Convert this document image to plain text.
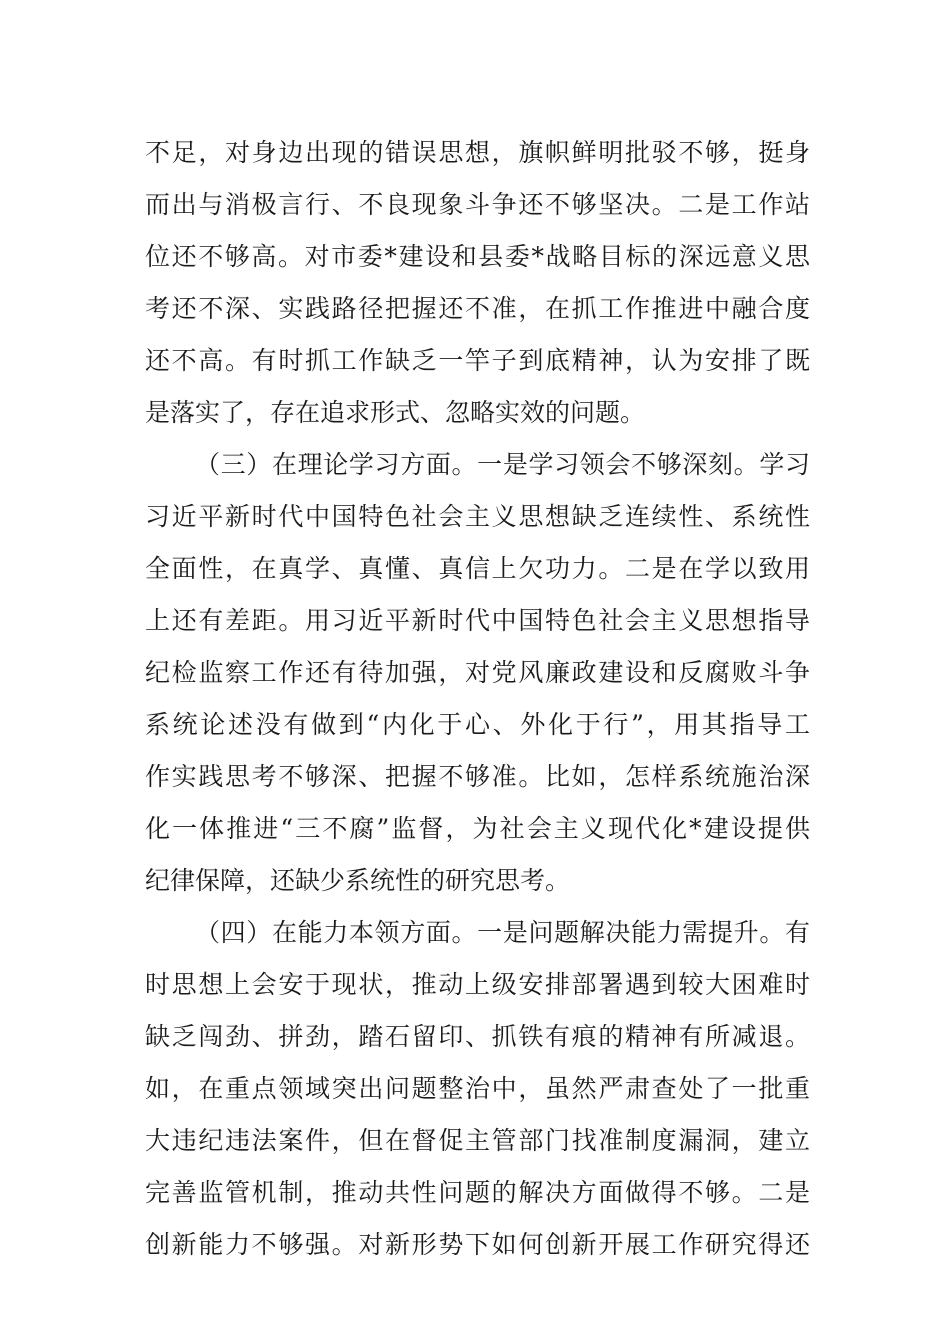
不足，对身边出现的错误思想，旗帜鲜明批驳不够，挺身
而出与消极言行、不良现象斗争还不够坚决。二是工作站
位还不够高。对市委*建设和县委*战略目标的深远意义思
考还不深、实践路径把握还不准，在抓工作推进中融合度
还不高。有时抓工作缺乏一竿子到底精神，认为安排了既
是落实了，存在追求形式、忽略实效的问题。
（三）在理论学习方面。一是学习领会不够深刻。学习
习近平新时代中国特色社会主义思想缺乏连续性、系统性
全面性，在真学、真懂、真信上欠功力。二是在学以致用
上还有差距。用习近平新时代中国特色社会主义思想指导
纪检监察工作还有待加强，对党风廉政建设和反腐败斗争
系统论述没有做到“内化于心、外化于行”，用其指导工
作实践思考不够深、把握不够准。比如，怎样系统施治深
化一体推进“三不腐”监督，为社会主义现代化*建设提供
纪律保障，还缺少系统性的研究思考。
（四）在能力本领方面。一是问题解决能力需提升。有
时思想上会安于现状，推动上级安排部署遇到较大困难时
缺乏闯劲、拼劲，踏石留印、抓铁有痕的精神有所减退。
如，在重点领域突出问题整治中，虽然严肃查处了一批重
大违纪违法案件，但在督促主管部门找准制度漏洞，建立
完善监管机制，推动共性问题的解决方面做得不够。二是
创新能力不够强。对新形势下如何创新开展工作研究得还
